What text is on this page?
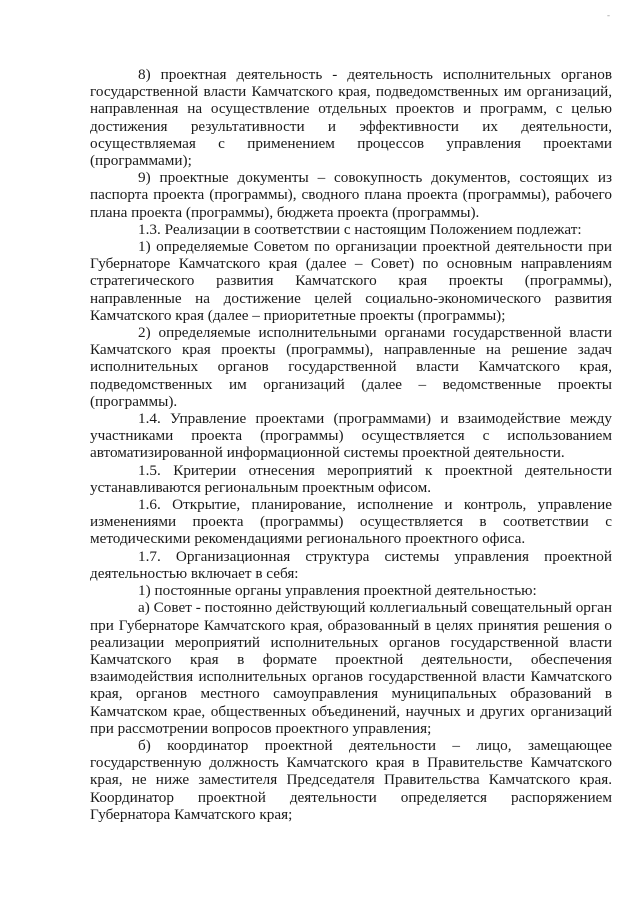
-

8) проектная деятельность - деятельность исполнительных органов государственной власти Камчатского края, подведомственных им организаций, направленная на осуществление отдельных проектов и программ, с целью достижения результативности и эффективности их деятельности, осуществляемая с применением процессов управления проектами (программами);

9) проектные документы – совокупность документов, состоящих из паспорта проекта (программы), сводного плана проекта (программы), рабочего плана проекта (программы), бюджета проекта (программы).

1.3. Реализации в соответствии с настоящим Положением подлежат:

1) определяемые Советом по организации проектной деятельности при Губернаторе Камчатского края (далее – Совет) по основным направлениям стратегического развития Камчатского края проекты (программы), направленные на достижение целей социально-экономического развития Камчатского края (далее – приоритетные проекты (программы);

2) определяемые исполнительными органами государственной власти Камчатского края проекты (программы), направленные на решение задач исполнительных органов государственной власти Камчатского края, подведомственных им организаций (далее – ведомственные проекты (программы).

1.4. Управление проектами (программами) и взаимодействие между участниками проекта (программы) осуществляется с использованием автоматизированной информационной системы проектной деятельности.

1.5. Критерии отнесения мероприятий к проектной деятельности устанавливаются региональным проектным офисом.

1.6. Открытие, планирование, исполнение и контроль, управление изменениями проекта (программы) осуществляется в соответствии с методическими рекомендациями регионального проектного офиса.

1.7. Организационная структура системы управления проектной деятельностью включает в себя:

1) постоянные органы управления проектной деятельностью:

а) Совет - постоянно действующий коллегиальный совещательный орган при Губернаторе Камчатского края, образованный в целях принятия решения о реализации мероприятий исполнительных органов государственной власти Камчатского края в формате проектной деятельности, обеспечения взаимодействия исполнительных органов государственной власти Камчатского края, органов местного самоуправления муниципальных образований в Камчатском крае, общественных объединений, научных и других организаций при рассмотрении вопросов проектного управления;

б) координатор проектной деятельности – лицо, замещающее государственную должность Камчатского края в Правительстве Камчатского края, не ниже заместителя Председателя Правительства Камчатского края. Координатор проектной деятельности определяется распоряжением Губернатора Камчатского края;
